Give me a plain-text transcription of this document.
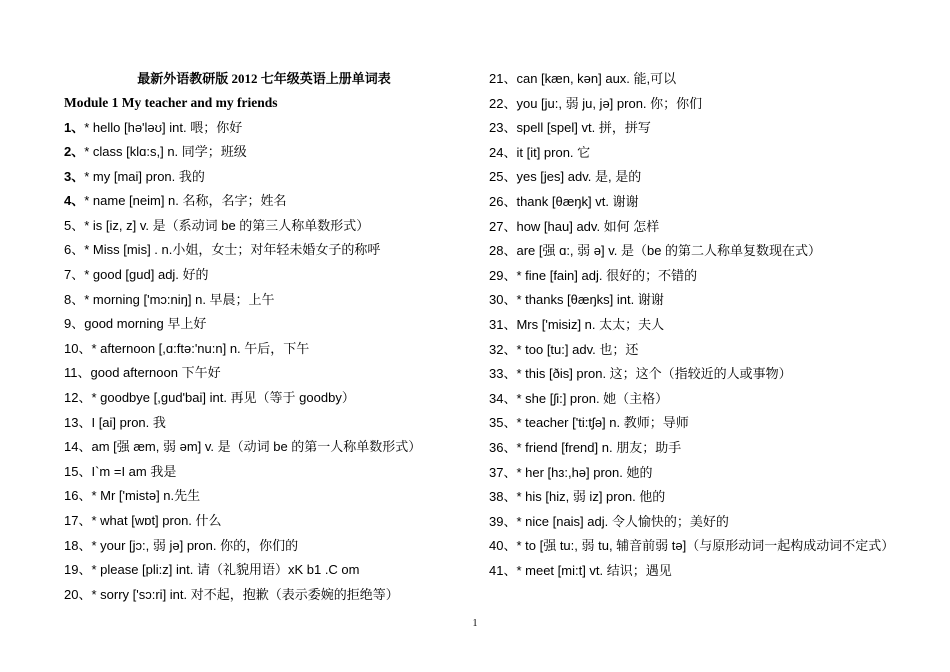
最新外语教研版 2012 七年级英语上册单词表
Module 1 My teacher and my friends
1、* hello [hə'ləʊ] int. 喂；你好
2、* class [klɑ:s,] n. 同学；班级
3、* my [mai] pron. 我的
4、* name [neim] n. 名称，名字；姓名
5、* is [iz, z] v. 是（系动词 be 的第三人称单数形式）
6、* Miss [mis] . n.小姐，女士；对年轻未婚女子的称呼
7、* good [ɡud] adj. 好的
8、* morning ['mɔ:niŋ] n. 早晨；上午
9、good morning 早上好
10、* afternoon [,ɑ:ftə:'nu:n] n. 午后，下午
11、good afternoon 下午好
12、* goodbye [,ɡud'bai] int. 再见（等于 goodby）
13、I [ai] pron. 我
14、am [强 æm, 弱 əm] v. 是（动词 be 的第一人称单数形式）
15、I`m =I am 我是
16、* Mr ['mistə] n.先生
17、* what [wɒt] pron. 什么
18、* your [jɔ:, 弱 jə] pron. 你的，你们的
19、* please [pli:z] int. 请（礼貌用语）xK b1 .C om
20、* sorry ['sɔ:ri] int. 对不起，抱歉（表示委婉的拒绝等）
21、can [kæn, kən] aux. 能,可以
22、you [ju:, 弱 ju, jə] pron. 你；你们
23、spell [spel] vt. 拼，拼写
24、it [it] pron. 它
25、yes [jes] adv. 是, 是的
26、thank [θæŋk] vt. 谢谢
27、how [hau] adv. 如何 怎样
28、are [强 ɑ:, 弱 ə] v. 是（be 的第二人称单复数现在式）
29、* fine [fain] adj. 很好的；不错的
30、* thanks [θæŋks] int. 谢谢
31、Mrs ['misiz] n. 太太；夫人
32、* too [tu:] adv. 也；还
33、* this [ðis] pron. 这；这个（指较近的人或事物）
34、* she [ʃi:] pron. 她（主格）
35、* teacher ['ti:tʃə] n. 教师；导师
36、* friend [frend] n. 朋友；助手
37、* her [hɜ:,hə] pron. 她的
38、* his [hiz, 弱 iz] pron. 他的
39、* nice [nais] adj. 令人愉快的；美好的
40、* to [强 tu:, 弱 tu, 辅音前弱 tə]（与原形动词一起构成动词不定式）
41、* meet [mi:t] vt. 结识；遇见
1
